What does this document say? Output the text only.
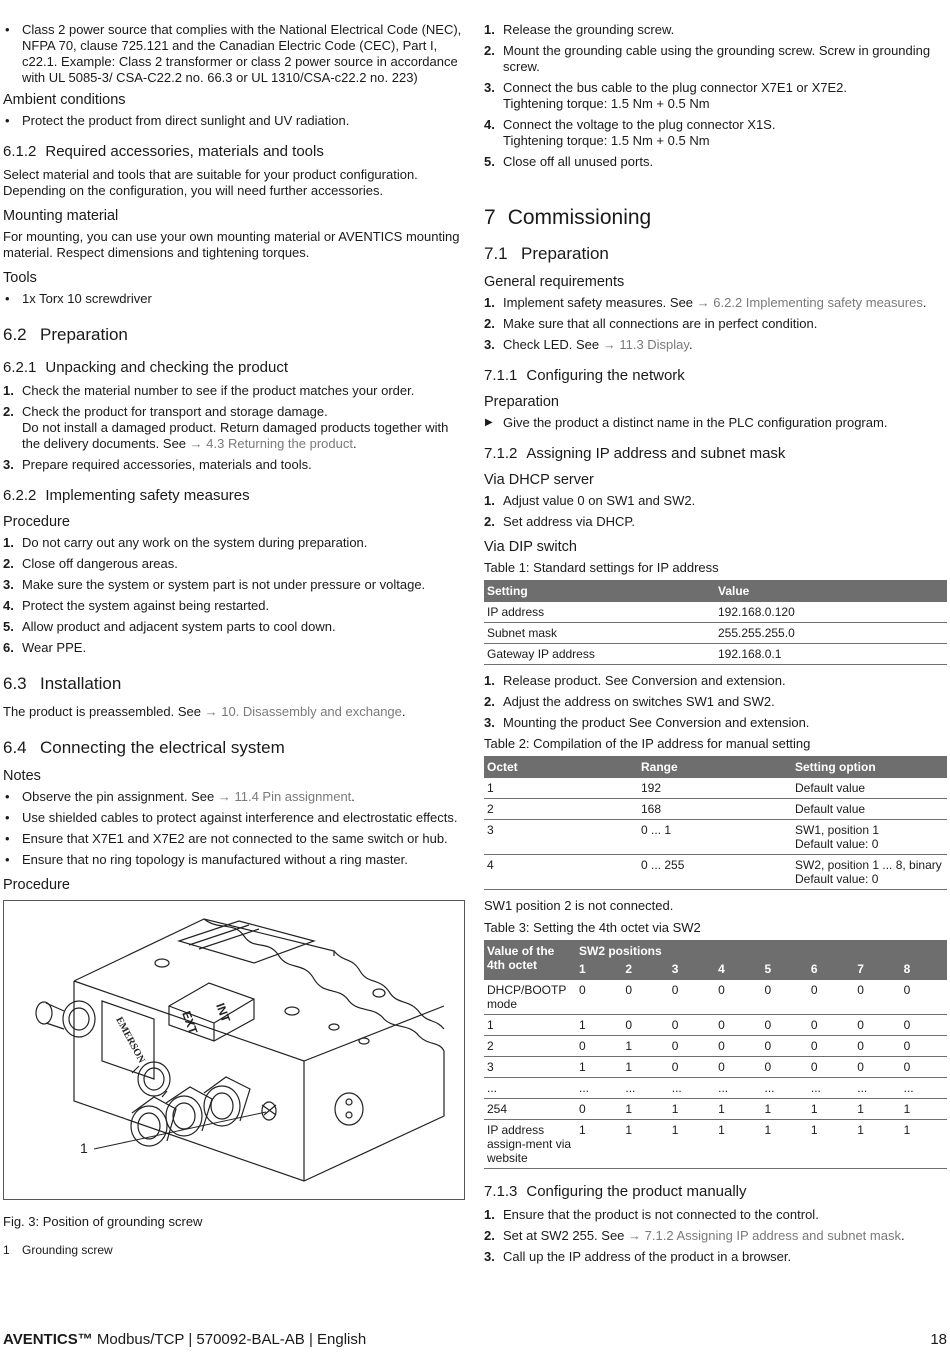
• Class 2 power source that complies with the National Electrical Code (NEC), NFPA 70, clause 725.121 and the Canadian Electric Code (CEC), Part I, c22.1. Example: Class 2 transformer or class 2 power source in accordance with UL 5085-3/ CSA-C22.2 no. 66.3 or UL 1310/CSA-c22.2 no. 223)
Ambient conditions
• Protect the product from direct sunlight and UV radiation.
6.1.2 Required accessories, materials and tools

Select material and tools that are suitable for your product configuration. Depending on the configuration, you will need further accessories.

Mounting material

For mounting, you can use your own mounting material or AVENTICS mounting material. Respect dimensions and tightening torques.

Tools
• 1x Torx 10 screwdriver
6.2 Preparation
6.2.1 Unpacking and checking the product
1. Check the material number to see if the product matches your order.
2. Check the product for transport and storage damage.
Do not install a damaged product. Return damaged products together with the delivery documents. See → 4.3 Returning the product.
3. Prepare required accessories, materials and tools.
6.2.2 Implementing safety measures
Procedure
1. Do not carry out any work on the system during preparation.
2. Close off dangerous areas.
3. Make sure the system or system part is not under pressure or voltage.
4. Protect the system against being restarted.
5. Allow product and adjacent system parts to cool down.
6. Wear PPE.
6.3 Installation

The product is preassembled. See → 10. Disassembly and exchange.

6.4 Connecting the electrical system
Notes
• Observe the pin assignment. See → 11.4 Pin assignment.
• Use shielded cables to protect against interference and electrostatic effects.
• Ensure that X7E1 and X7E2 are not connected to the same switch or hub.
• Ensure that no ring topology is manufactured without a ring master.
Procedure
EXT INT
EMERSON
1

Fig. 3: Position of grounding screw

1 Grounding screw

1. Release the grounding screw.
2. Mount the grounding cable using the grounding screw. Screw in grounding screw.
3. Connect the bus cable to the plug connector X7E1 or X7E2.
Tightening torque: 1.5 Nm + 0.5 Nm
4. Connect the voltage to the plug connector X1S.
Tightening torque: 1.5 Nm + 0.5 Nm
5. Close off all unused ports.
7 Commissioning
7.1 Preparation
General requirements
1. Implement safety measures. See → 6.2.2 Implementing safety measures.
2. Make sure that all connections are in perfect condition.
3. Check LED. See → 11.3 Display.
7.1.1 Configuring the network
Preparation
▶ Give the product a distinct name in the PLC configuration program.
7.1.2 Assigning IP address and subnet mask
Via DHCP server
1. Adjust value 0 on SW1 and SW2.
2. Set address via DHCP.
Via DIP switch

Table 1: Standard settings for IP address

Setting	Value
IP address	192.168.0.120
Subnet mask	255.255.255.0
Gateway IP address	192.168.0.1
1. Release product. See Conversion and extension.
2. Adjust the address on switches SW1 and SW2.
3. Mounting the product See Conversion and extension.

Table 2: Compilation of the IP address for manual setting

Octet	Range	Setting option
1	192	Default value
2	168	Default value
3	0 ... 1	SW1, position 1
Default value: 0
4	0 ... 255	SW2, position 1 ... 8, binary
Default value: 0

SW1 position 2 is not connected.

Table 3: Setting the 4th octet via SW2

Value of the 4th octet	SW2 positions							
	1	2	3	4	5	6	7	8
DHCP/BOOTP mode	0	0	0	0	0	0	0	0
1	1	0	0	0	0	0	0	0
2	0	1	0	0	0	0	0	0
3	1	1	0	0	0	0	0	0
...	...	...	...	...	...	...	...	...
254	0	1	1	1	1	1	1	1
IP address assign-ment via website	1	1	1	1	1	1	1	1
7.1.3 Configuring the product manually
1. Ensure that the product is not connected to the control.
2. Set at SW2 255. See → 7.1.2 Assigning IP address and subnet mask.
3. Call up the IP address of the product in a browser.
AVENTICS™ Modbus/TCP | 570092-BAL-AB | English	18
